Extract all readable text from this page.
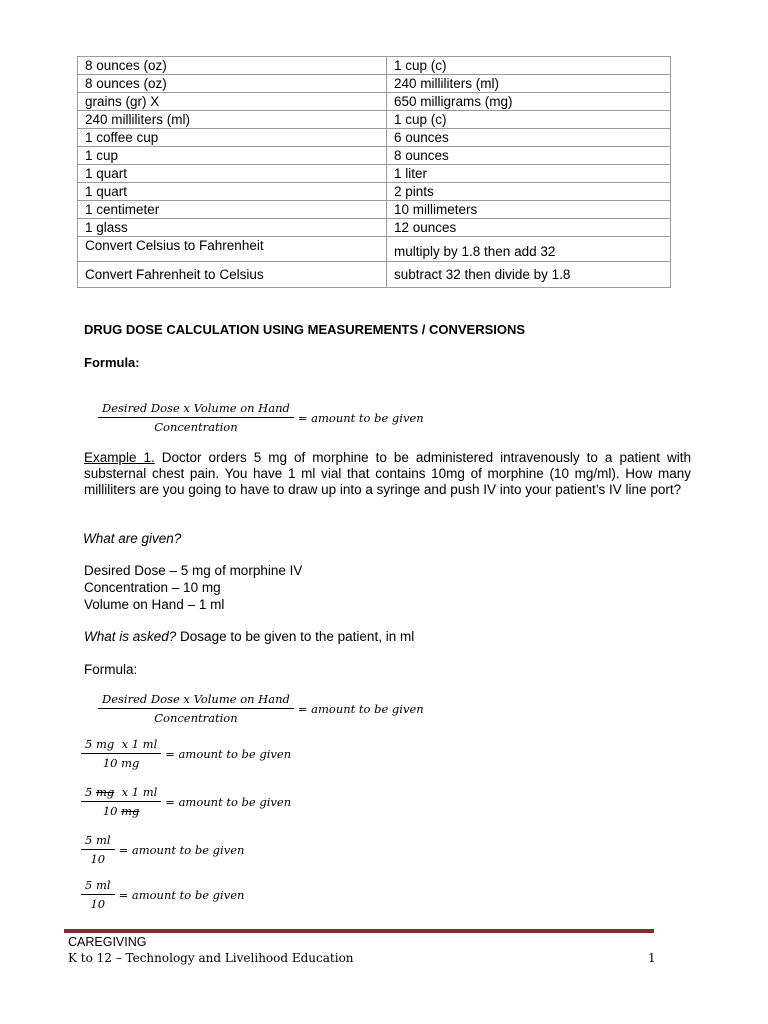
8 ounces (oz)	1 cup (c)
8 ounces (oz)	240 milliliters (ml)
grains (gr) X	650 milligrams (mg)
240 milliliters (ml)	1 cup (c)
1 coffee cup	6 ounces
1 cup	8 ounces
1 quart	1 liter
1 quart	2 pints
1 centimeter	10 millimeters
1 glass	12 ounces
Convert Celsius to Fahrenheit	multiply by 1.8 then add 32
Convert Fahrenheit to Celsius	subtract 32 then divide by 1.8
DRUG DOSE CALCULATION USING MEASUREMENTS / CONVERSIONS
Formula:
$\frac{\text{Desired Dose x Volume on Hand}}{\text{Concentration}}$ = amount to be given
Example 1. Doctor orders 5 mg of morphine to be administered intravenously to a patient with substernal chest pain. You have 1 ml vial that contains 10mg of morphine (10 mg/ml). How many milliliters are you going to have to draw up into a syringe and push IV into your patient’s IV line port?
What are given?
Desired Dose – 5 mg of morphine IV
Concentration – 10 mg
Volume on Hand – 1 ml
What is asked? Dosage to be given to the patient, in ml
Formula:
$\frac{\text{Desired Dose x Volume on Hand}}{\text{Concentration}}$ = amount to be given
$\frac{\text{5 mg x 1 ml}}{10 mg}$ = amount to be given
$\frac{\text{5 mg x 1 ml}}{10 mg}$ = amount to be given
$\frac{5 ml}{10}$ = amount to be given
$\frac{5 ml}{10}$ = amount to be given
CAREGIVING
K to 12 – Technology and Livelihood Education	1
